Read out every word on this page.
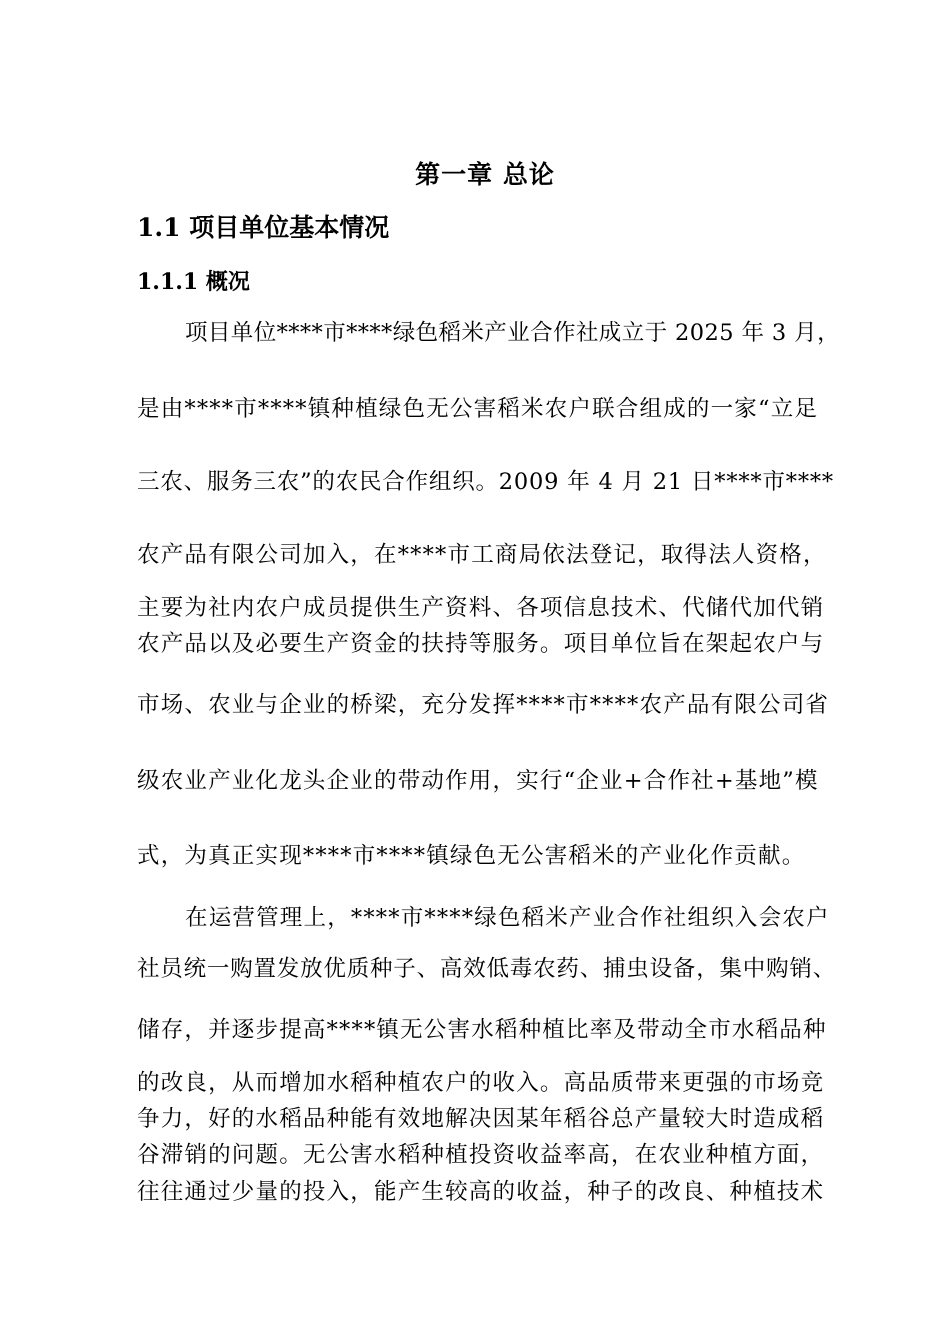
第一章 总论
1.1 项目单位基本情况
1.1.1 概况
项目单位****市****绿色稻米产业合作社成立于 2025 年 3 月，
是由****市****镇种植绿色无公害稻米农户联合组成的一家“立足
三农、服务三农”的农民合作组织。2009 年 4 月 21 日****市****
农产品有限公司加入，在****市工商局依法登记，取得法人资格，
主要为社内农户成员提供生产资料、各项信息技术、代储代加代销
农产品以及必要生产资金的扶持等服务。项目单位旨在架起农户与
市场、农业与企业的桥梁，充分发挥****市****农产品有限公司省
级农业产业化龙头企业的带动作用，实行“企业+合作社+基地”模
式，为真正实现****市****镇绿色无公害稻米的产业化作贡献。
在运营管理上，****市****绿色稻米产业合作社组织入会农户
社员统一购置发放优质种子、高效低毒农药、捕虫设备，集中购销、
储存，并逐步提高****镇无公害水稻种植比率及带动全市水稻品种
的改良，从而增加水稻种植农户的收入。高品质带来更强的市场竞
争力，好的水稻品种能有效地解决因某年稻谷总产量较大时造成稻
谷滞销的问题。无公害水稻种植投资收益率高，在农业种植方面，
往往通过少量的投入，能产生较高的收益，种子的改良、种植技术
